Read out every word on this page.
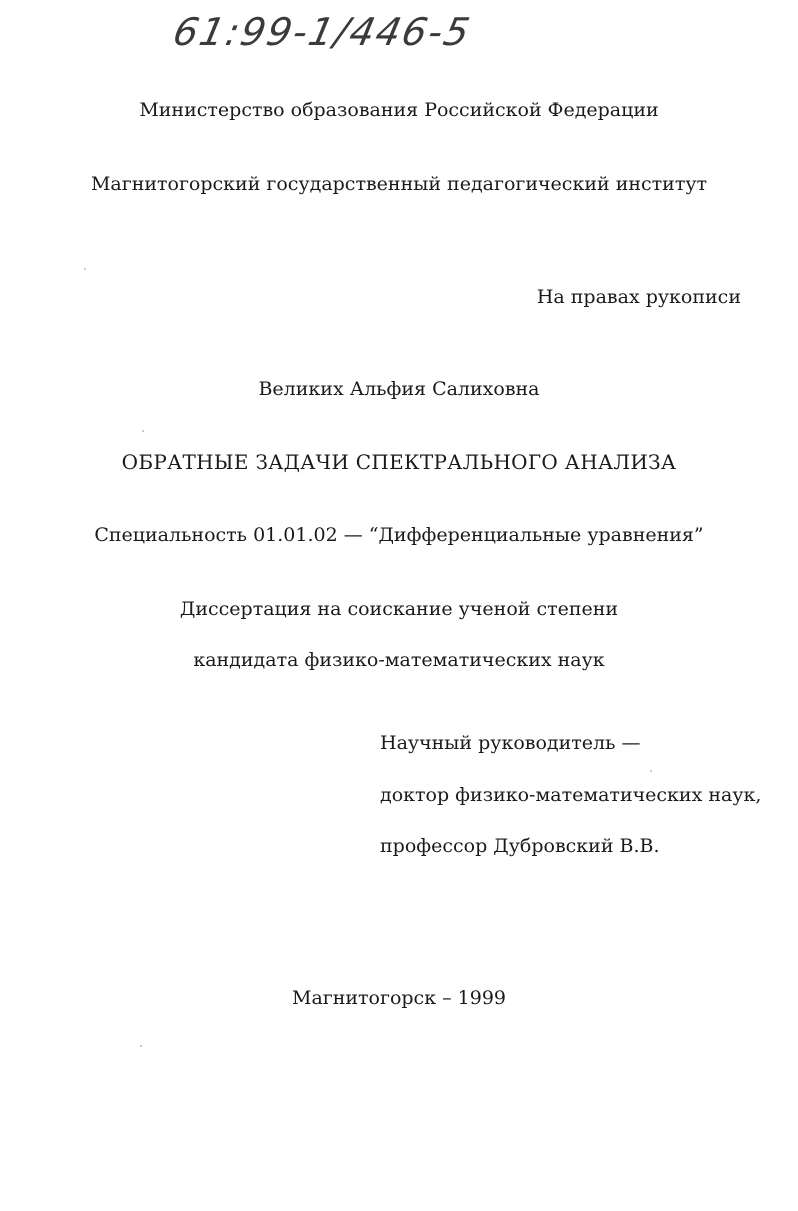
61:99-1/446-5
Министерство образования Российской Федерации
Магнитогорский государственный педагогический институт
На правах рукописи
Великих Альфия Салиховна
ОБРАТНЫЕ ЗАДАЧИ СПЕКТРАЛЬНОГО АНАЛИЗА
Специальность 01.01.02 — “Дифференциальные уравнения”
Диссертация на соискание ученой степени
кандидата физико-математических наук
Научный руководитель —
доктор физико-математических наук,
профессор Дубровский В.В.
Магнитогорск – 1999
